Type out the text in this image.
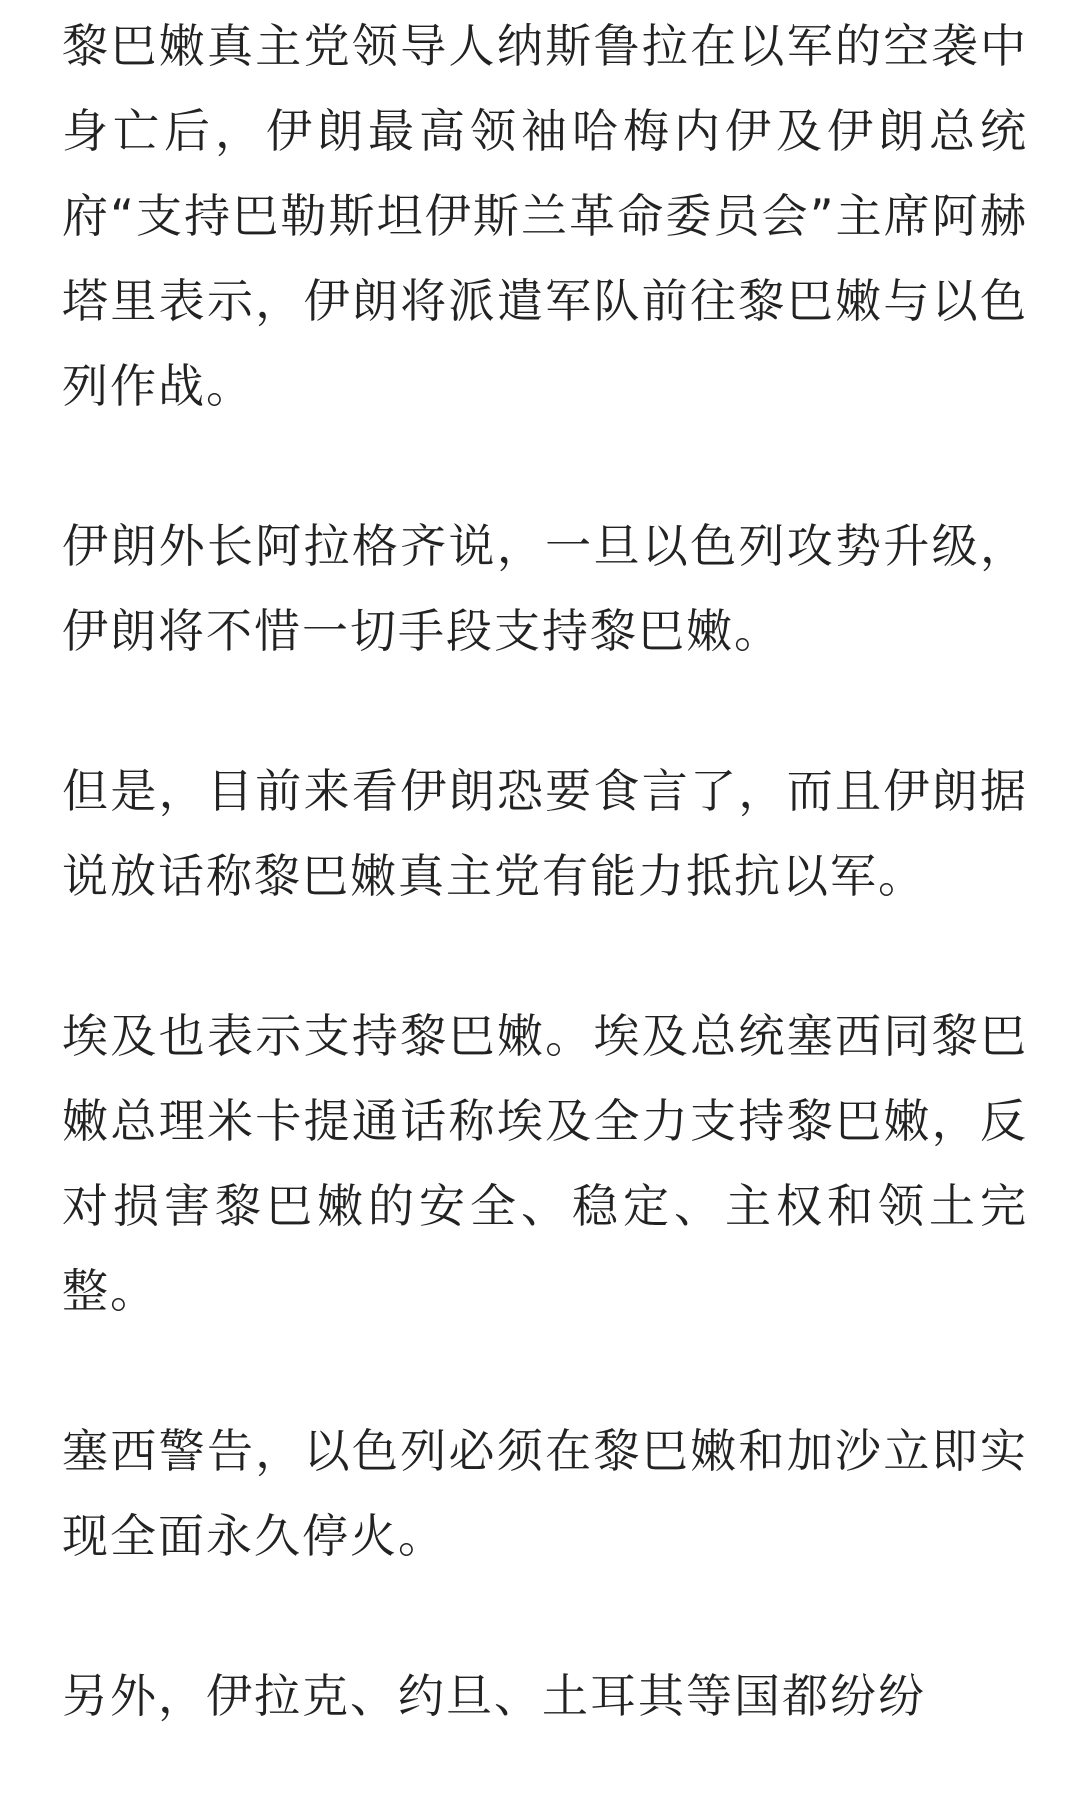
黎巴嫩真主党领导人纳斯鲁拉在以军的空袭中身亡后，伊朗最高领袖哈梅内伊及伊朗总统府“支持巴勒斯坦伊斯兰革命委员会”主席阿赫塔里表示，伊朗将派遣军队前往黎巴嫩与以色列作战。

伊朗外长阿拉格齐说，一旦以色列攻势升级，伊朗将不惜一切手段支持黎巴嫩。

但是，目前来看伊朗恐要食言了，而且伊朗据说放话称黎巴嫩真主党有能力抵抗以军。

埃及也表示支持黎巴嫩。埃及总统塞西同黎巴嫩总理米卡提通话称埃及全力支持黎巴嫩，反对损害黎巴嫩的安全、稳定、主权和领土完整。

塞西警告，以色列必须在黎巴嫩和加沙立即实现全面永久停火。

另外，伊拉克、约旦、土耳其等国都纷纷
